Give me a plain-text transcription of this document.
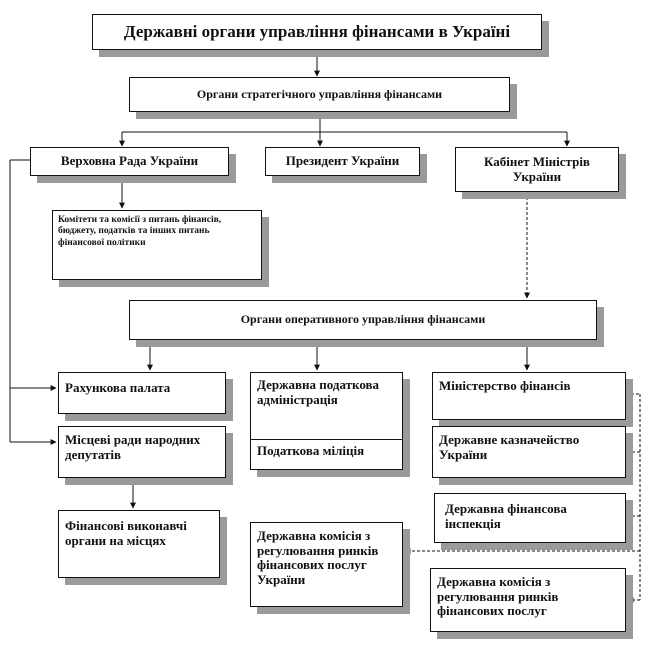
Державні органи управління фінансами в Україні
Органи стратегічного управління фінансами
Верховна Рада України	Президент України	Кабінет Міністрів України
Комітети та комісії з питань фінансів, бюджету, податків та інших питань фінансової політики
Органи оперативного управління фінансами
Рахункова палата	Державна податкова адміністрація
Податкова міліція
Міністерство фінансів
Державне казначейство України
Місцеві ради народних депутатів
Державна фінансова інспекція
Фінансові виконавчі органи на місцях	Державна комісія з регулювання ринків фінансових послуг України	Державна комісія з регулювання ринків фінансових послуг
